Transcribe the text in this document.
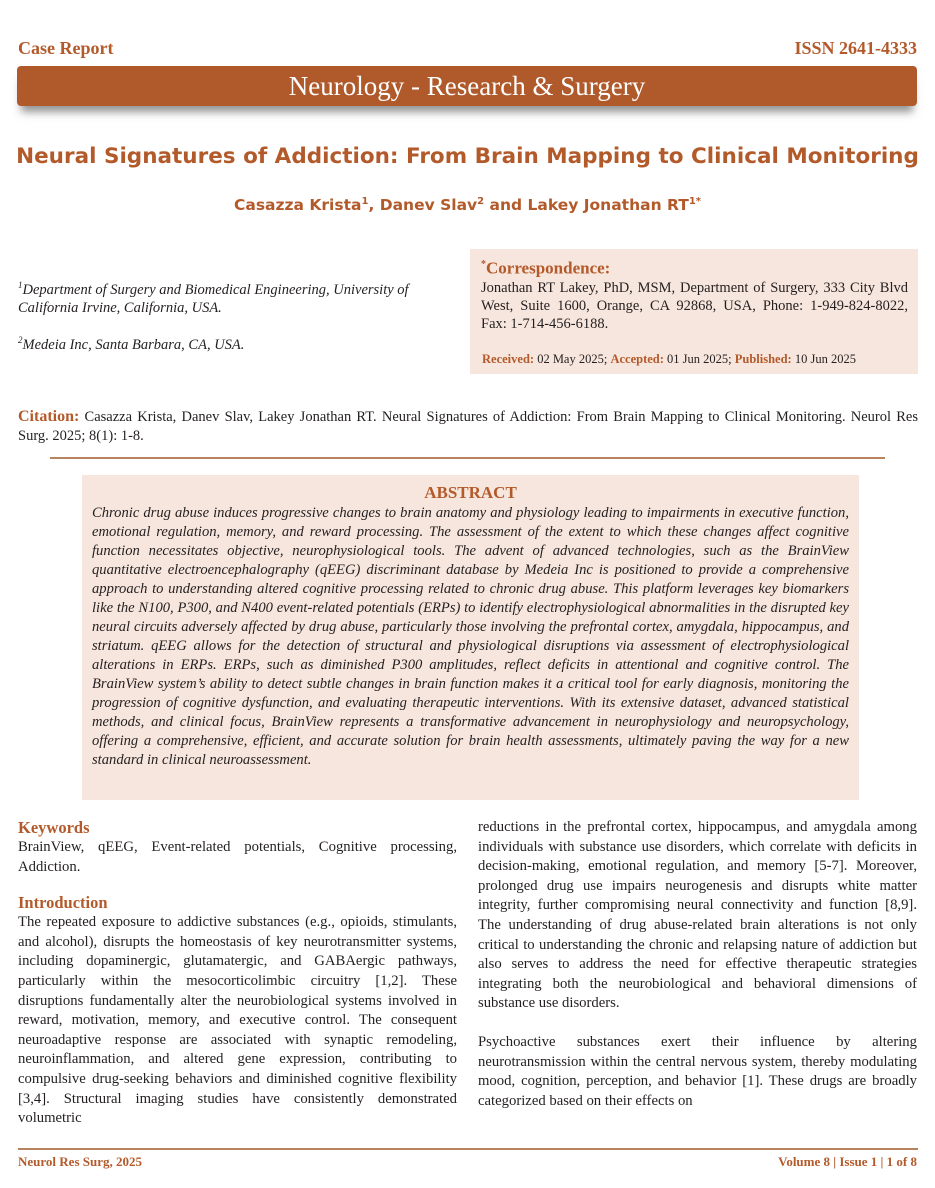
Case Report	ISSN 2641-4333
Neurology - Research & Surgery
Neural Signatures of Addiction: From Brain Mapping to Clinical Monitoring
Casazza Krista$^1$, Danev Slav$^2$ and Lakey Jonathan $RT^{1*}$
$^1$Department of Surgery and Biomedical Engineering, University of California Irvine, California, USA.
$^2$Medeia Inc, Santa Barbara, CA, USA.
*Correspondence:
Jonathan RT Lakey, PhD, MSM, Department of Surgery, 333 City Blvd West, Suite 1600, Orange, CA 92868, USA, Phone: 1-949-824-8022, Fax: 1-714-456-6188.
Received: 02 May 2025; Accepted: 01 Jun 2025; Published: 10 Jun 2025
Citation: Casazza Krista, Danev Slav, Lakey Jonathan RT. Neural Signatures of Addiction: From Brain Mapping to Clinical Monitoring. Neurol Res Surg. 2025; 8(1): 1-8.
ABSTRACT
Chronic drug abuse induces progressive changes to brain anatomy and physiology leading to impairments in executive function, emotional regulation, memory, and reward processing. The assessment of the extent to which these changes affect cognitive function necessitates objective, neurophysiological tools. The advent of advanced technologies, such as the BrainView quantitative electroencephalography (qEEG) discriminant database by Medeia Inc is positioned to provide a comprehensive approach to understanding altered cognitive processing related to chronic drug abuse. This platform leverages key biomarkers like the N100, P300, and N400 event-related potentials (ERPs) to identify electrophysiological abnormalities in the disrupted key neural circuits adversely affected by drug abuse, particularly those involving the prefrontal cortex, amygdala, hippocampus, and striatum. qEEG allows for the detection of structural and physiological disruptions via assessment of electrophysiological alterations in ERPs. ERPs, such as diminished P300 amplitudes, reflect deficits in attentional and cognitive control. The BrainView system’s ability to detect subtle changes in brain function makes it a critical tool for early diagnosis, monitoring the progression of cognitive dysfunction, and evaluating therapeutic interventions. With its extensive dataset, advanced statistical methods, and clinical focus, BrainView represents a transformative advancement in neurophysiology and neuropsychology, offering a comprehensive, efficient, and accurate solution for brain health assessments, ultimately paving the way for a new standard in clinical neuroassessment.
Keywords

BrainView, qEEG, Event-related potentials, Cognitive processing, Addiction.

Introduction

The repeated exposure to addictive substances (e.g., opioids, stimulants, and alcohol), disrupts the homeostasis of key neurotransmitter systems, including dopaminergic, glutamatergic, and GABAergic pathways, particularly within the mesocorticolimbic circuitry [1,2]. These disruptions fundamentally alter the neurobiological systems involved in reward, motivation, memory, and executive control. The consequent neuroadaptive response are associated with synaptic remodeling, neuroinflammation, and altered gene expression, contributing to compulsive drug-seeking behaviors and diminished cognitive flexibility [3,4]. Structural imaging studies have consistently demonstrated volumetric

reductions in the prefrontal cortex, hippocampus, and amygdala among individuals with substance use disorders, which correlate with deficits in decision-making, emotional regulation, and memory [5-7]. Moreover, prolonged drug use impairs neurogenesis and disrupts white matter integrity, further compromising neural connectivity and function [8,9]. The understanding of drug abuse-related brain alterations is not only critical to understanding the chronic and relapsing nature of addiction but also serves to address the need for effective therapeutic strategies integrating both the neurobiological and behavioral dimensions of substance use disorders.

Psychoactive substances exert their influence by altering neurotransmission within the central nervous system, thereby modulating mood, cognition, perception, and behavior [1]. These drugs are broadly categorized based on their effects on

Neurol Res Surg, 2025	Volume 8 | Issue 1 | 1 of 8
